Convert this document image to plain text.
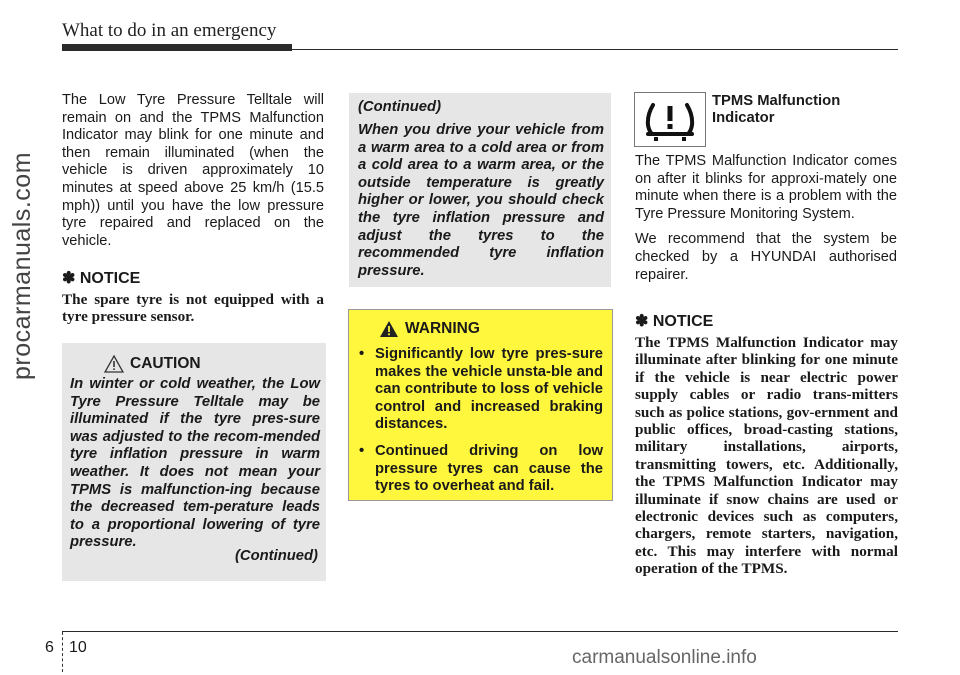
What to do in an emergency
procarmanuals.com

The Low Tyre Pressure Telltale will remain on and the TPMS Malfunction Indicator may blink for one minute and then remain illuminated (when the vehicle is driven approximately 10 minutes at speed above 25 km/h (15.5 mph)) until you have the low pressure tyre repaired and replaced on the vehicle.

✽ NOTICE
The spare tyre is not equipped with a tyre pressure sensor.
CAUTION
In winter or cold weather, the Low Tyre Pressure Telltale may be illuminated if the tyre pres-sure was adjusted to the recom-mended tyre inflation pressure in warm weather. It does not mean your TPMS is malfunction-ing because the decreased tem-perature leads to a proportional lowering of tyre pressure.
(Continued)
(Continued)
When you drive your vehicle from a warm area to a cold area or from a cold area to a warm area, or the outside temperature is greatly higher or lower, you should check the tyre inflation pressure and adjust the tyres to the recommended tyre inflation pressure.
WARNING
• Significantly low tyre pres-sure makes the vehicle unsta-ble and can contribute to loss of vehicle control and increased braking distances.
• Continued driving on low pressure tyres can cause the tyres to overheat and fail.
TPMS Malfunction Indicator

The TPMS Malfunction Indicator comes on after it blinks for approxi-mately one minute when there is a problem with the Tyre Pressure Monitoring System.

We recommend that the system be checked by a HYUNDAI authorised repairer.

✽ NOTICE
The TPMS Malfunction Indicator may illuminate after blinking for one minute if the vehicle is near electric power supply cables or radio trans-mitters such as police stations, gov-ernment and public offices, broad-casting stations, military installations, airports, transmitting towers, etc. Additionally, the TPMS Malfunction Indicator may illuminate if snow chains are used or electronic devices such as computers, chargers, remote starters, navigation, etc. This may interfere with normal operation of the TPMS.
6 10	carmanualsonline.info
